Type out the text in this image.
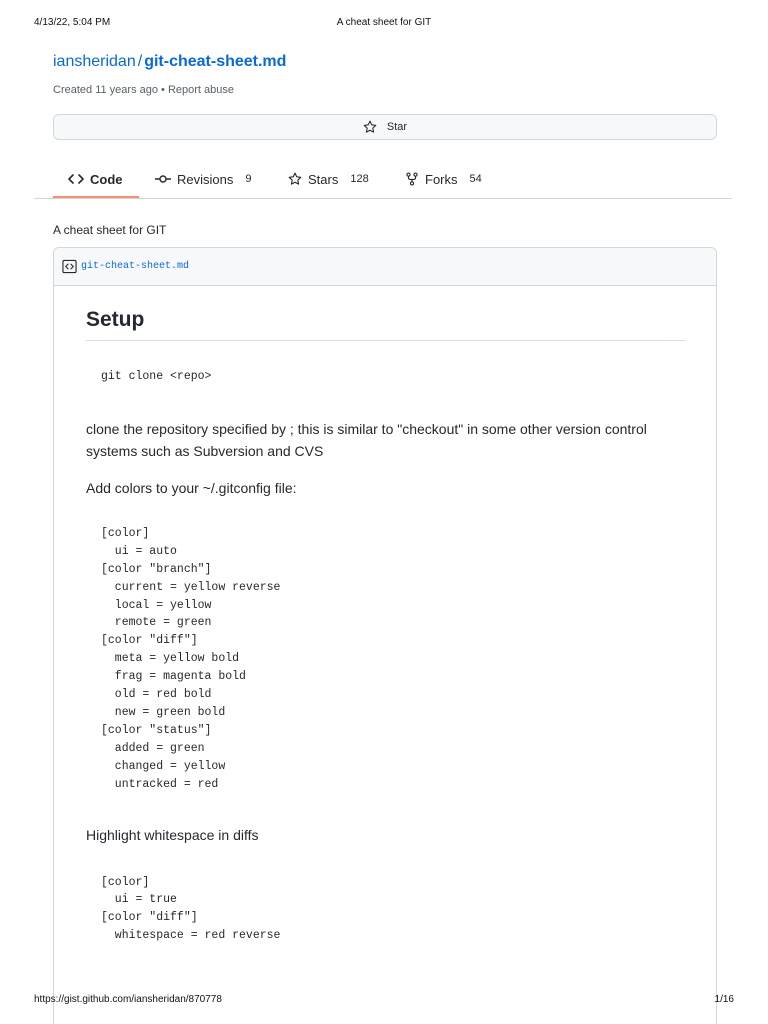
4/13/22, 5:04 PM	A cheat sheet for GIT
iansheridan / git-cheat-sheet.md
Created 11 years ago • Report abuse
Star
Code	Revisions 9	Stars 128	Forks 54
A cheat sheet for GIT
git-cheat-sheet.md
Setup
git clone <repo>

clone the repository specified by ; this is similar to "checkout" in some other version control systems such as Subversion and CVS

Add colors to your ~/.gitconfig file:

[color]
ui = auto
[color "branch"]
current = yellow reverse
local = yellow
remote = green
[color "diff"]
meta = yellow bold
frag = magenta bold
old = red bold
new = green bold
[color "status"]
added = green
changed = yellow
untracked = red

Highlight whitespace in diffs

[color]
ui = true
[color "diff"]
whitespace = red reverse
https://gist.github.com/iansheridan/870778	1/16
